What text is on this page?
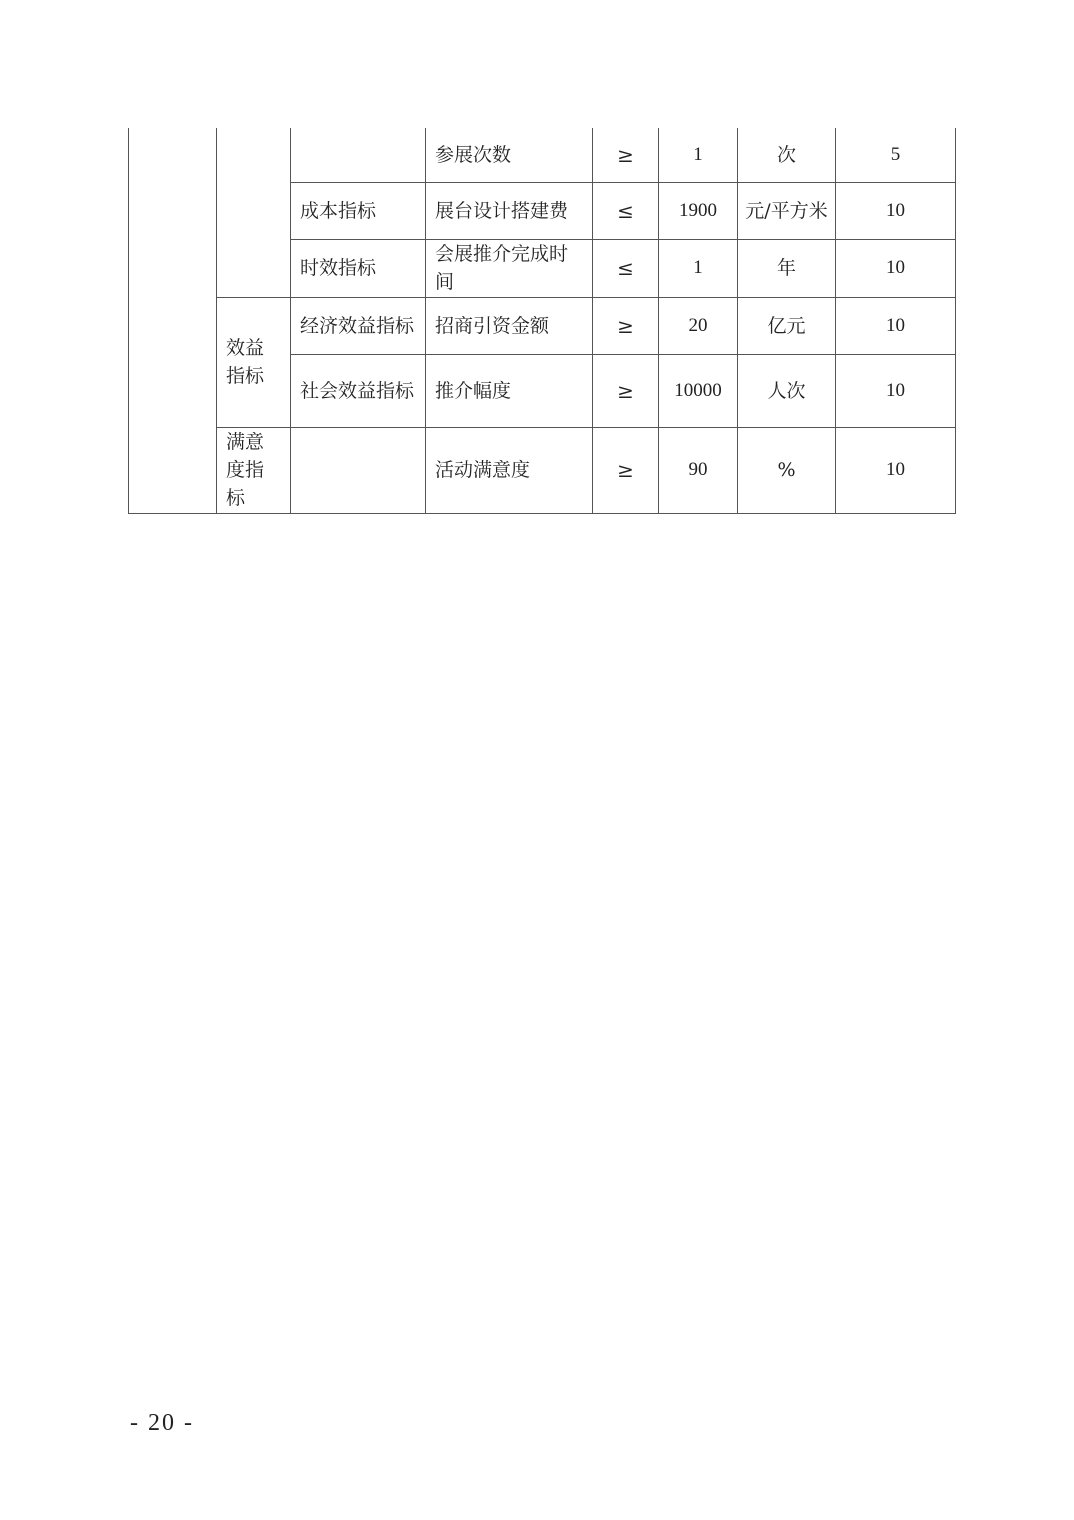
			参展次数	≥	1	次	5
		成本指标	展台设计搭建费	≤	1900	元/平方米	10
		时效指标	会展推介完成时间	≤	1	年	10
	效益指标	经济效益指标	招商引资金额	≥	20	亿元	10
		社会效益指标	推介幅度	≥	10000	人次	10
	满意度指标		活动满意度	≥	90	%	10
- 20 -
